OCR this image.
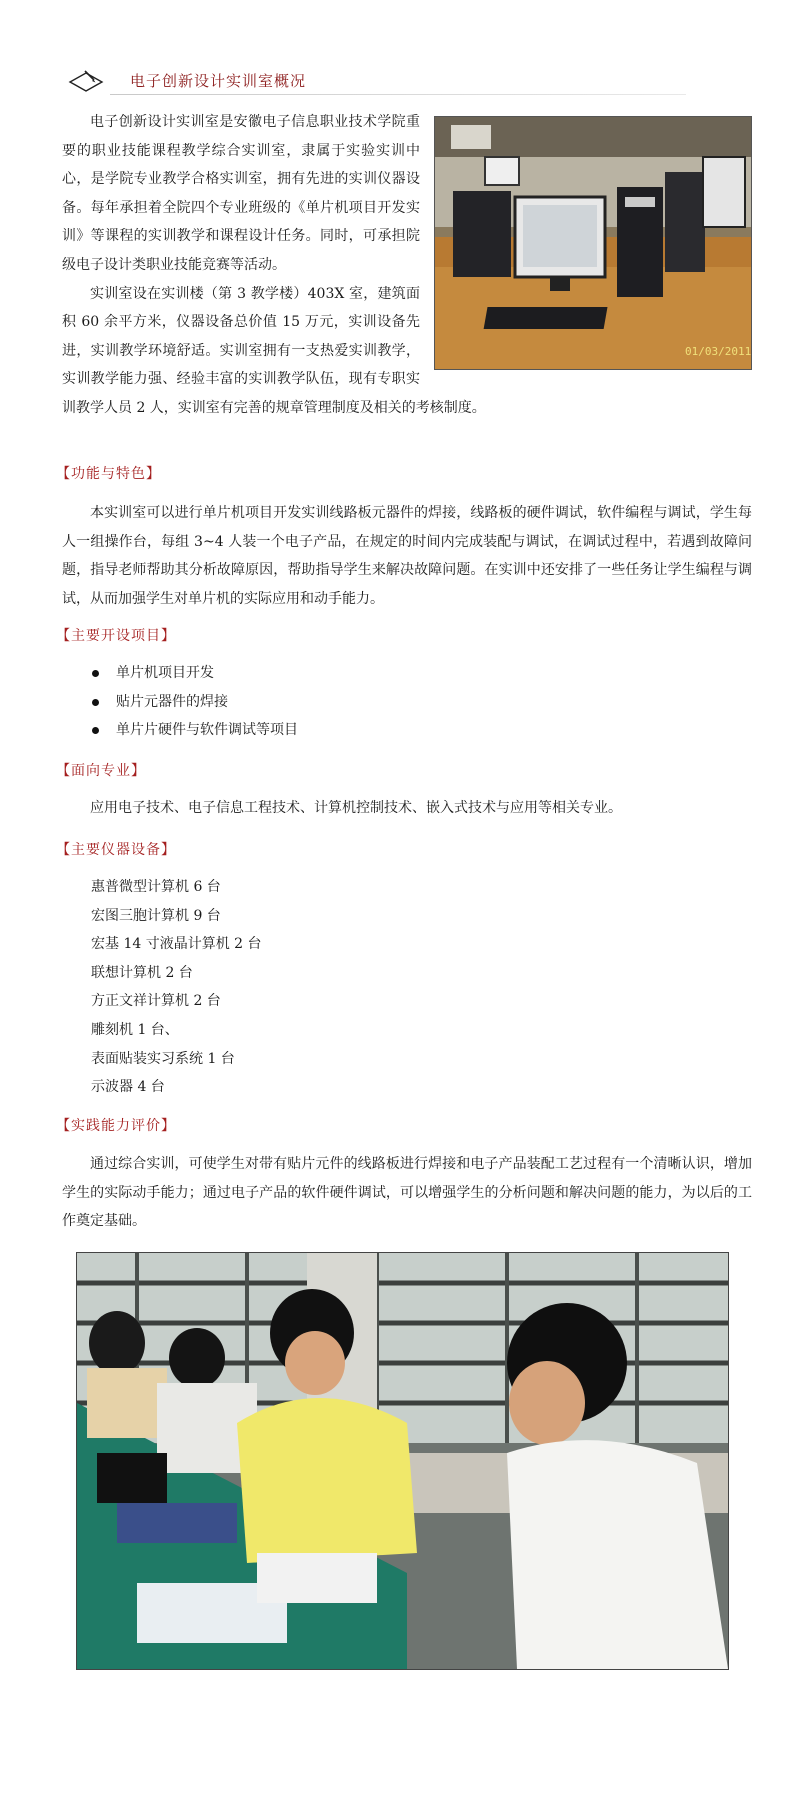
电子创新设计实训室概况
01/03/2011

电子创新设计实训室是安徽电子信息职业技术学院重要的职业技能课程教学综合实训室，隶属于实验实训中心，是学院专业教学合格实训室，拥有先进的实训仪器设备。每年承担着全院四个专业班级的《单片机项目开发实训》等课程的实训教学和课程设计任务。同时，可承担院级电子设计类职业技能竞赛等活动。

实训室设在实训楼（第 3 教学楼）403X 室，建筑面积 60 余平方米，仪器设备总价值 15 万元，实训设备先进，实训教学环境舒适。实训室拥有一支热爱实训教学，实训教学能力强、经验丰富的实训教学队伍，现有专职实训教学人员 2 人，实训室有完善的规章管理制度及相关的考核制度。

【功能与特色】

本实训室可以进行单片机项目开发实训线路板元器件的焊接，线路板的硬件调试，软件编程与调试，学生每人一组操作台，每组 3~4 人装一个电子产品，在规定的时间内完成装配与调试，在调试过程中，若遇到故障问题，指导老师帮助其分析故障原因，帮助指导学生来解决故障问题。在实训中还安排了一些任务让学生编程与调试，从而加强学生对单片机的实际应用和动手能力。

【主要开设项目】
单片机项目开发
贴片元器件的焊接
单片片硬件与软件调试等项目
【面向专业】

应用电子技术、电子信息工程技术、计算机控制技术、嵌入式技术与应用等相关专业。

【主要仪器设备】
惠普微型计算机 6 台
宏图三胞计算机 9 台
宏基 14 寸液晶计算机 2 台
联想计算机 2 台
方正文祥计算机 2 台
雕刻机 1 台、
表面贴装实习系统 1 台
示波器 4 台
【实践能力评价】

通过综合实训，可使学生对带有贴片元件的线路板进行焊接和电子产品装配工艺过程有一个清晰认识，增加学生的实际动手能力；通过电子产品的软件硬件调试，可以增强学生的分析问题和解决问题的能力，为以后的工作奠定基础。
